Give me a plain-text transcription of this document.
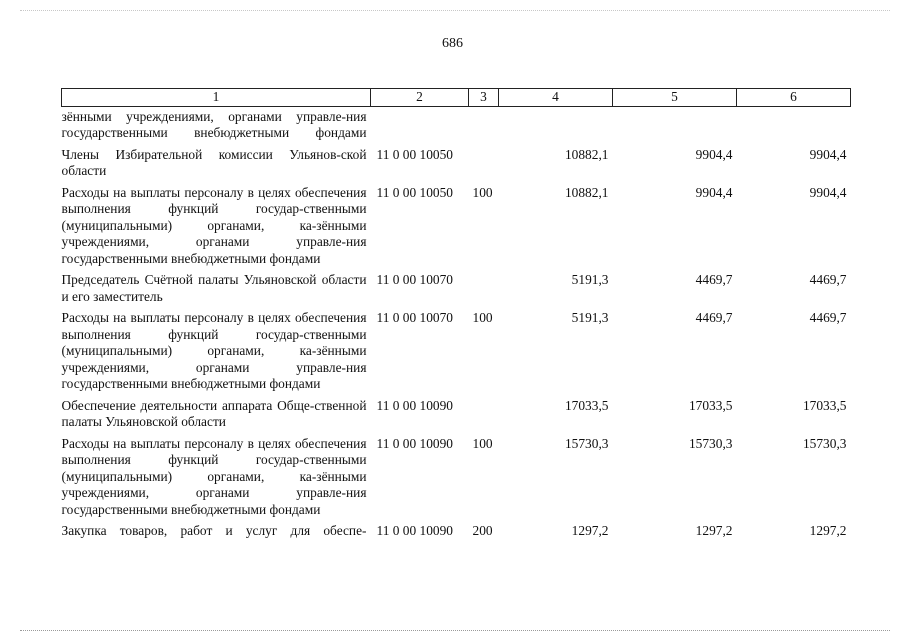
686
1	2	3	4	5	6
зёнными учреждениями, органами управле-ния государственными внебюджетными фондами					
Члены Избирательной комиссии Ульянов-ской области	11 0 00 10050		10882,1	9904,4	9904,4
Расходы на выплаты персоналу в целях обеспечения выполнения функций государ-ственными (муниципальными) органами, ка-зёнными учреждениями, органами управле-ния государственными внебюджетными фондами	11 0 00 10050	100	10882,1	9904,4	9904,4
Председатель Счётной палаты Ульяновской области и его заместитель	11 0 00 10070		5191,3	4469,7	4469,7
Расходы на выплаты персоналу в целях обеспечения выполнения функций государ-ственными (муниципальными) органами, ка-зёнными учреждениями, органами управле-ния государственными внебюджетными фондами	11 0 00 10070	100	5191,3	4469,7	4469,7
Обеспечение деятельности аппарата Обще-ственной палаты Ульяновской области	11 0 00 10090		17033,5	17033,5	17033,5
Расходы на выплаты персоналу в целях обеспечения выполнения функций государ-ственными (муниципальными) органами, ка-зёнными учреждениями, органами управле-ния государственными внебюджетными фондами	11 0 00 10090	100	15730,3	15730,3	15730,3
Закупка товаров, работ и услуг для обеспе-	11 0 00 10090	200	1297,2	1297,2	1297,2
